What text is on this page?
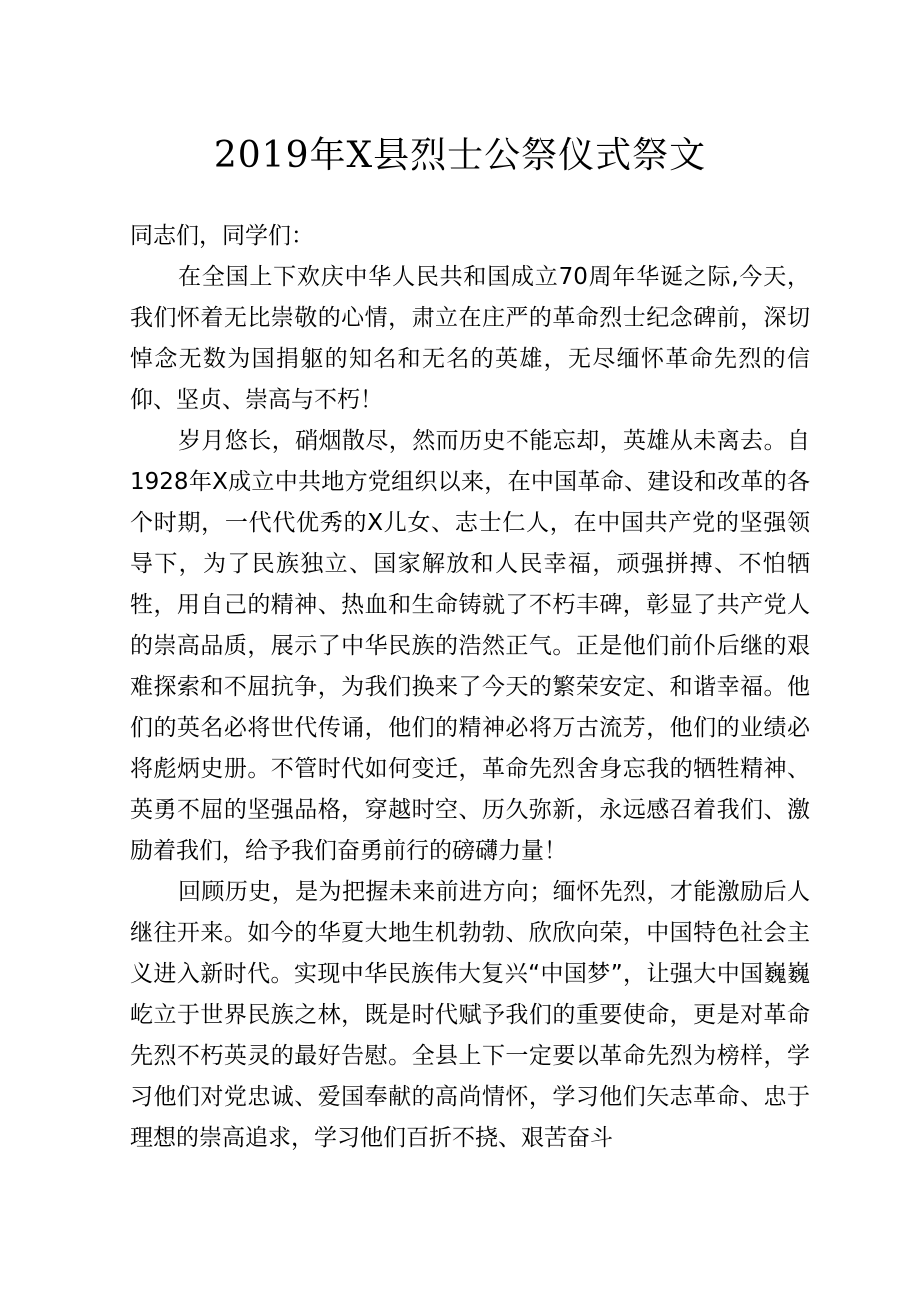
2019年X县烈士公祭仪式祭文

同志们，同学们：

在全国上下欢庆中华人民共和国成立70周年华诞之际,今天，我们怀着无比崇敬的心情，肃立在庄严的革命烈士纪念碑前，深切悼念无数为国捐躯的知名和无名的英雄，无尽缅怀革命先烈的信仰、坚贞、崇高与不朽！

岁月悠长，硝烟散尽，然而历史不能忘却，英雄从未离去。自1928年X成立中共地方党组织以来，在中国革命、建设和改革的各个时期，一代代优秀的X儿女、志士仁人，在中国共产党的坚强领导下，为了民族独立、国家解放和人民幸福，顽强拼搏、不怕牺牲，用自己的精神、热血和生命铸就了不朽丰碑，彰显了共产党人的崇高品质，展示了中华民族的浩然正气。正是他们前仆后继的艰难探索和不屈抗争，为我们换来了今天的繁荣安定、和谐幸福。他们的英名必将世代传诵，他们的精神必将万古流芳，他们的业绩必将彪炳史册。不管时代如何变迁，革命先烈舍身忘我的牺牲精神、英勇不屈的坚强品格，穿越时空、历久弥新，永远感召着我们、激励着我们，给予我们奋勇前行的磅礴力量！

回顾历史，是为把握未来前进方向；缅怀先烈，才能激励后人继往开来。如今的华夏大地生机勃勃、欣欣向荣，中国特色社会主义进入新时代。实现中华民族伟大复兴“中国梦”，让强大中国巍巍屹立于世界民族之林，既是时代赋予我们的重要使命，更是对革命先烈不朽英灵的最好告慰。全县上下一定要以革命先烈为榜样，学习他们对党忠诚、爱国奉献的高尚情怀，学习他们矢志革命、忠于理想的崇高追求，学习他们百折不挠、艰苦奋斗
